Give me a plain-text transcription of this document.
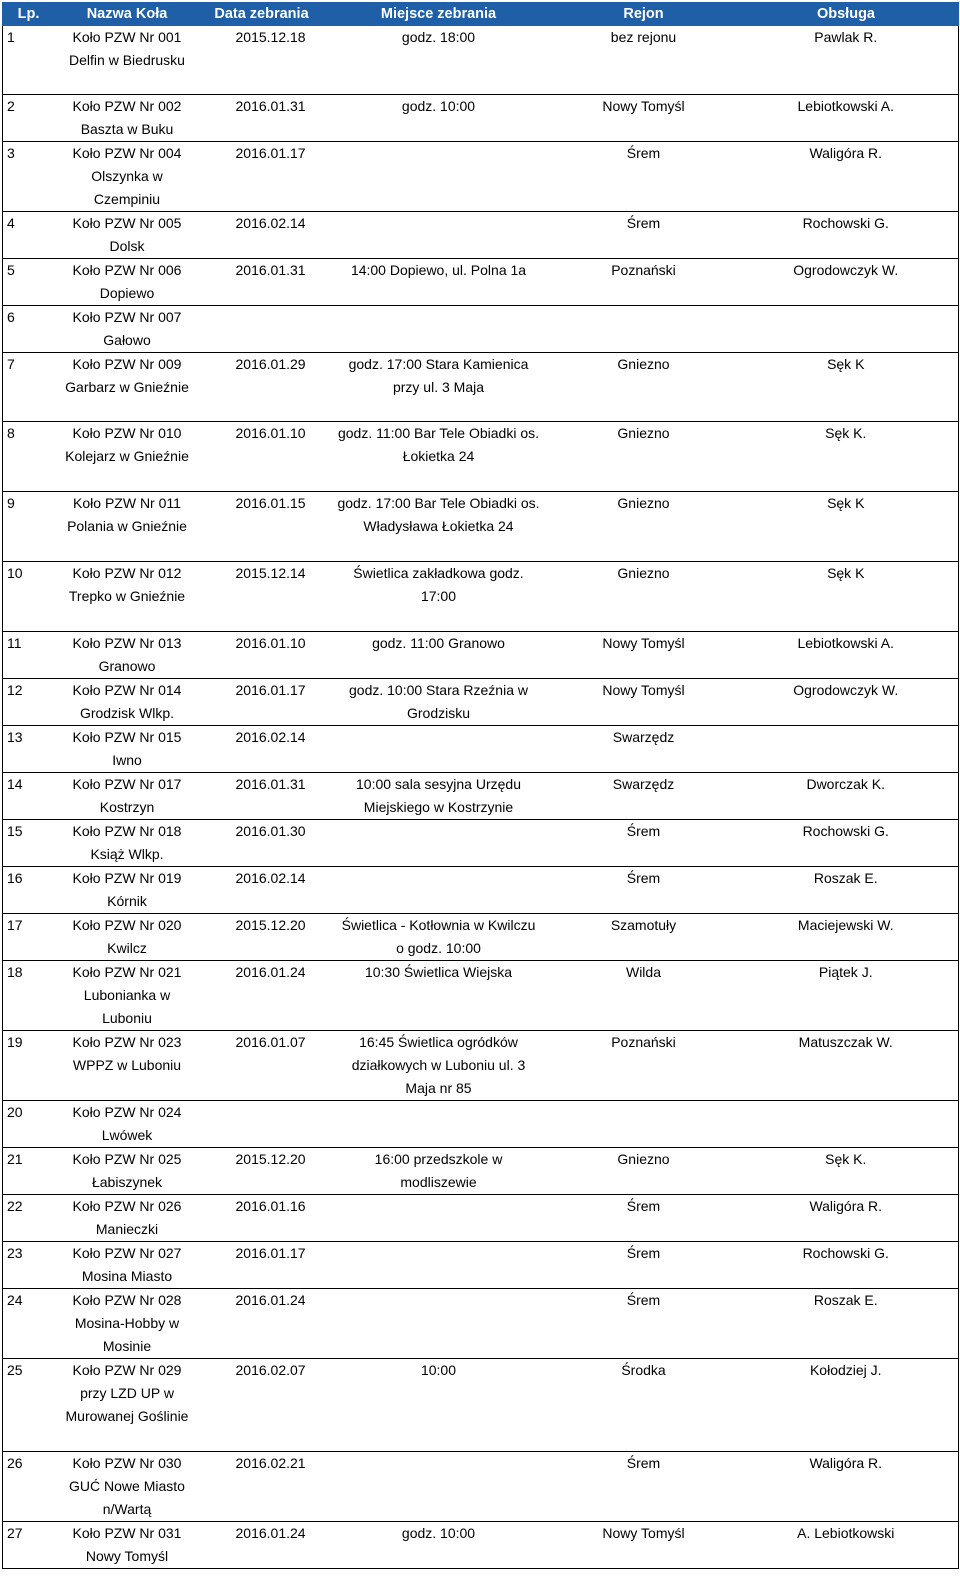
Lp.	Nazwa Koła	Data zebrania	Miejsce zebrania	Rejon	Obsługa

1	Koło PZW Nr 001
Delfin w Biedrusku	2015.12.18	godz. 18:00	bez rejonu	Pawlak R.

2	Koło PZW Nr 002
Baszta w Buku	2016.01.31	godz. 10:00	Nowy Tomyśl	Lebiotkowski A.

3	Koło PZW Nr 004
Olszynka w
Czempiniu	2016.01.17		Śrem	Waligóra R.

4	Koło PZW Nr 005
Dolsk	2016.02.14		Śrem	Rochowski G.

5	Koło PZW Nr 006
Dopiewo	2016.01.31	14:00 Dopiewo, ul. Polna 1a	Poznański	Ogrodowczyk W.

6	Koło PZW Nr 007
Gałowo				

7	Koło PZW Nr 009
Garbarz w Gnieźnie	2016.01.29	godz. 17:00 Stara Kamienica
przy ul. 3 Maja	Gniezno	Sęk K

8	Koło PZW Nr 010
Kolejarz w Gnieźnie	2016.01.10	godz. 11:00 Bar Tele Obiadki os.
Łokietka 24	Gniezno	Sęk K.

9	Koło PZW Nr 011
Polania w Gnieźnie	2016.01.15	godz. 17:00 Bar Tele Obiadki os.
Władysława Łokietka 24	Gniezno	Sęk K

10	Koło PZW Nr 012
Trepko w Gnieźnie	2015.12.14	Świetlica zakładkowa godz.
17:00	Gniezno	Sęk K

11	Koło PZW Nr 013
Granowo	2016.01.10	godz. 11:00 Granowo	Nowy Tomyśl	Lebiotkowski A.

12	Koło PZW Nr 014
Grodzisk Wlkp.	2016.01.17	godz. 10:00 Stara Rzeźnia w
Grodzisku	Nowy Tomyśl	Ogrodowczyk W.

13	Koło PZW Nr 015
Iwno	2016.02.14		Swarzędz	

14	Koło PZW Nr 017
Kostrzyn	2016.01.31	10:00 sala sesyjna Urzędu
Miejskiego w Kostrzynie	Swarzędz	Dworczak K.

15	Koło PZW Nr 018
Książ Wlkp.	2016.01.30		Śrem	Rochowski G.

16	Koło PZW Nr 019
Kórnik	2016.02.14		Śrem	Roszak E.

17	Koło PZW Nr 020
Kwilcz	2015.12.20	Świetlica - Kotłownia w Kwilczu
o godz. 10:00	Szamotuły	Maciejewski W.

18	Koło PZW Nr 021
Lubonianka w
Luboniu	2016.01.24	10:30 Świetlica Wiejska	Wilda	Piątek J.

19	Koło PZW Nr 023
WPPZ w Luboniu	2016.01.07	16:45 Świetlica ogródków
działkowych w Luboniu ul. 3
Maja nr 85	Poznański	Matuszczak W.

20	Koło PZW Nr 024
Lwówek				

21	Koło PZW Nr 025
Łabiszynek	2015.12.20	16:00 przedszkole w
modliszewie	Gniezno	Sęk K.

22	Koło PZW Nr 026
Manieczki	2016.01.16		Śrem	Waligóra R.

23	Koło PZW Nr 027
Mosina Miasto	2016.01.17		Śrem	Rochowski G.

24	Koło PZW Nr 028
Mosina-Hobby w
Mosinie	2016.01.24		Śrem	Roszak E.

25	Koło PZW Nr 029
przy LZD UP w
Murowanej Goślinie	2016.02.07	10:00	Środka	Kołodziej J.

26	Koło PZW Nr 030
GUĆ Nowe Miasto
n/Wartą	2016.02.21		Śrem	Waligóra R.

27	Koło PZW Nr 031
Nowy Tomyśl	2016.01.24	godz. 10:00	Nowy Tomyśl	A. Lebiotkowski
